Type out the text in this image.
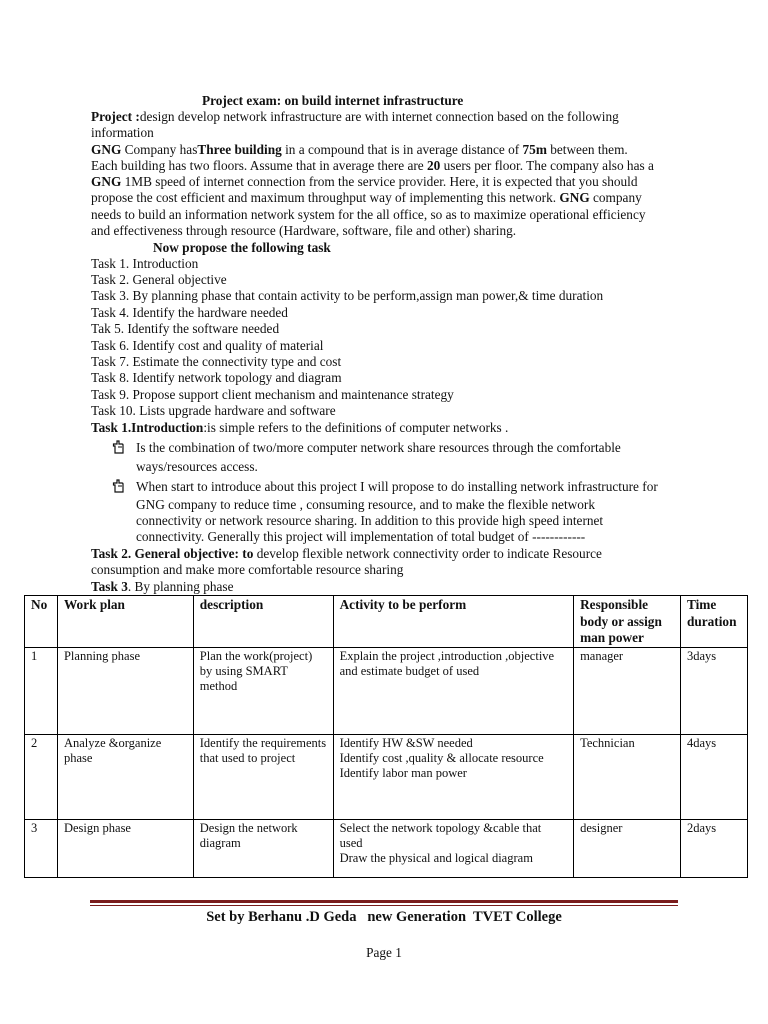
Project exam: on build internet infrastructure
Project :design develop network infrastructure are with internet connection based on the following
information
GNG Company hasThree building in a compound that is in average distance of 75m between them.
Each building has two floors. Assume that in average there are 20 users per floor. The company also has a
GNG 1MB speed of internet connection from the service provider. Here, it is expected that you should
propose the cost efficient and maximum throughput way of implementing this network. GNG company
needs to build an information network system for the all office, so as to maximize operational efficiency
and effectiveness through resource (Hardware, software, file and other) sharing.
Now propose the following task
Task 1. Introduction
Task 2. General objective
Task 3. By planning phase that contain activity to be perform,assign man power,& time duration
Task 4. Identify the hardware needed
Tak 5. Identify the software needed
Task 6. Identify cost and quality of material
Task 7. Estimate the connectivity type and cost
Task 8. Identify network topology and diagram
Task 9. Propose support client mechanism and maintenance strategy
Task 10. Lists upgrade hardware and software
Task 1.Introduction:is simple refers to the definitions of computer networks .
Is the combination of two/more computer network share resources through the comfortable
ways/resources access.
When start to introduce about this project I will propose to do installing network infrastructure for
GNG company to reduce time , consuming resource, and to make the flexible network
connectivity or network resource sharing. In addition to this provide high speed internet
connectivity. Generally this project will implementation of total budget of ------------
Task 2. General objective: to develop flexible network connectivity order to indicate Resource
consumption and make more comfortable resource sharing
Task 3. By planning phase
No	Work plan	description	Activity to be perform	Responsible body or assign man power	Time duration
1	Planning phase	Plan the work(project) by using SMART method	Explain the project ,introduction ,objective and estimate budget of used	manager	3days
2	Analyze &organize phase	Identify the requirements that used to project	Identify HW &SW needed
Identify cost ,quality & allocate resource
Identify labor man power	Technician	4days
3	Design phase	Design the network diagram	Select the network topology &cable that used
Draw the physical and logical diagram	designer	2days
Set by Berhanu .D Geda   new Generation  TVET College
Page 1
